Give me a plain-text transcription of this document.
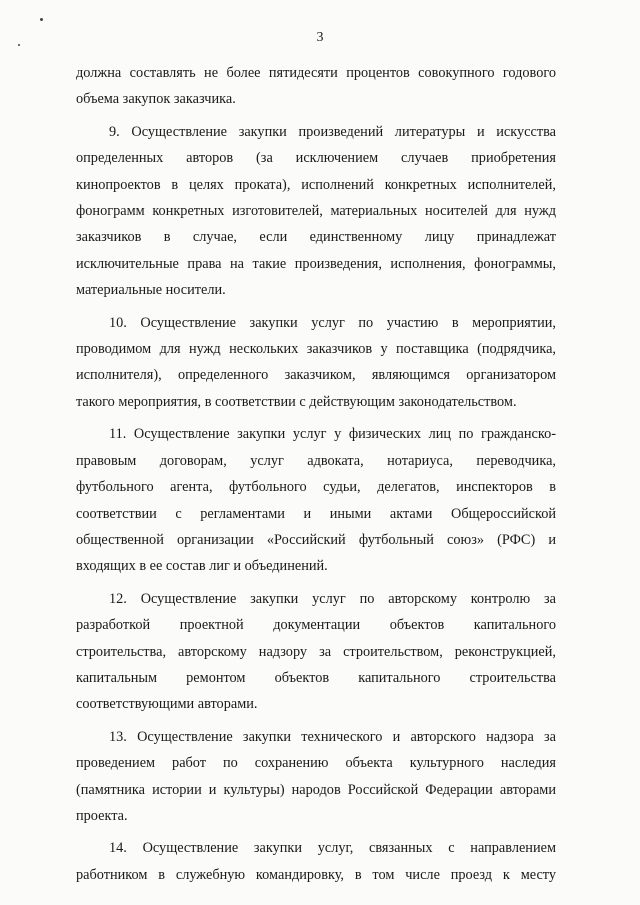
3

должна составлять не более пятидесяти процентов совокупного годового
объема закупок заказчика.

9. Осуществление закупки произведений литературы и искусства
определенных авторов (за исключением случаев приобретения
кинопроектов в целях проката), исполнений конкретных исполнителей,
фонограмм конкретных изготовителей, материальных носителей для нужд
заказчиков в случае, если единственному лицу принадлежат
исключительные права на такие произведения, исполнения, фонограммы,
материальные носители.

10. Осуществление закупки услуг по участию в мероприятии,
проводимом для нужд нескольких заказчиков у поставщика (подрядчика,
исполнителя), определенного заказчиком, являющимся организатором
такого мероприятия, в соответствии с действующим законодательством.

11. Осуществление закупки услуг у физических лиц по гражданско-
правовым договорам, услуг адвоката, нотариуса, переводчика,
футбольного агента, футбольного судьи, делегатов, инспекторов в
соответствии с регламентами и иными актами Общероссийской
общественной организации «Российский футбольный союз» (РФС) и
входящих в ее состав лиг и объединений.

12. Осуществление закупки услуг по авторскому контролю за
разработкой проектной документации объектов капитального
строительства, авторскому надзору за строительством, реконструкцией,
капитальным ремонтом объектов капитального строительства
соответствующими авторами.

13. Осуществление закупки технического и авторского надзора за
проведением работ по сохранению объекта культурного наследия
(памятника истории и культуры) народов Российской Федерации авторами
проекта.

14. Осуществление закупки услуг, связанных с направлением
работником в служебную командировку, в том числе проезд к месту
